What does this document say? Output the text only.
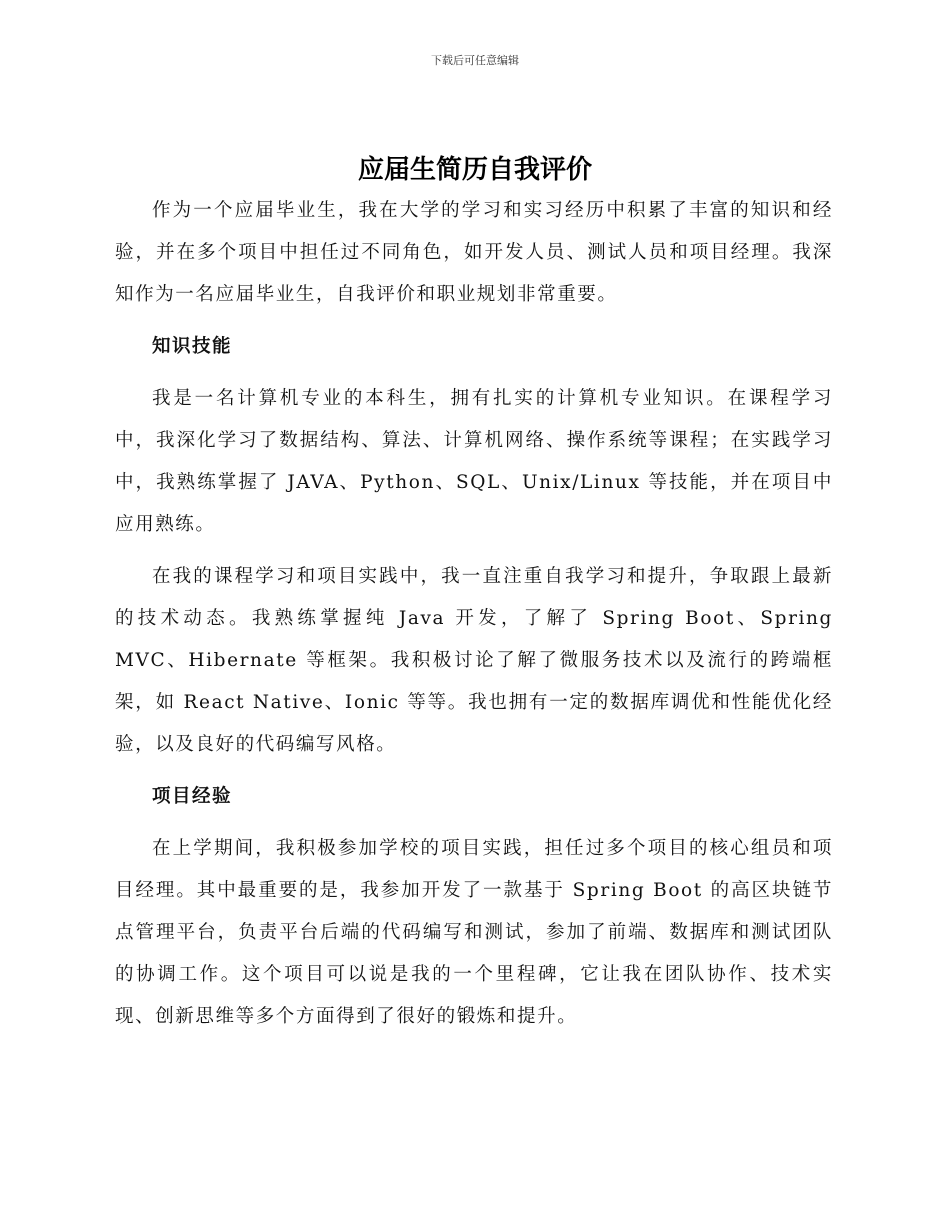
下载后可任意编辑
应届生简历自我评价

作为一个应届毕业生，我在大学的学习和实习经历中积累了丰富的知识和经验，并在多个项目中担任过不同角色，如开发人员、测试人员和项目经理。我深知作为一名应届毕业生，自我评价和职业规划非常重要。

知识技能

我是一名计算机专业的本科生，拥有扎实的计算机专业知识。在课程学习中，我深化学习了数据结构、算法、计算机网络、操作系统等课程；在实践学习中，我熟练掌握了 JAVA、Python、SQL、Unix/Linux 等技能，并在项目中应用熟练。

在我的课程学习和项目实践中，我一直注重自我学习和提升，争取跟上最新的技术动态。我熟练掌握纯 Java 开发，了解了 Spring Boot、Spring MVC、Hibernate 等框架。我积极讨论了解了微服务技术以及流行的跨端框架，如 React Native、Ionic 等等。我也拥有一定的数据库调优和性能优化经验，以及良好的代码编写风格。

项目经验

在上学期间，我积极参加学校的项目实践，担任过多个项目的核心组员和项目经理。其中最重要的是，我参加开发了一款基于 Spring Boot 的高区块链节点管理平台，负责平台后端的代码编写和测试，参加了前端、数据库和测试团队的协调工作。这个项目可以说是我的一个里程碑，它让我在团队协作、技术实现、创新思维等多个方面得到了很好的锻炼和提升。
